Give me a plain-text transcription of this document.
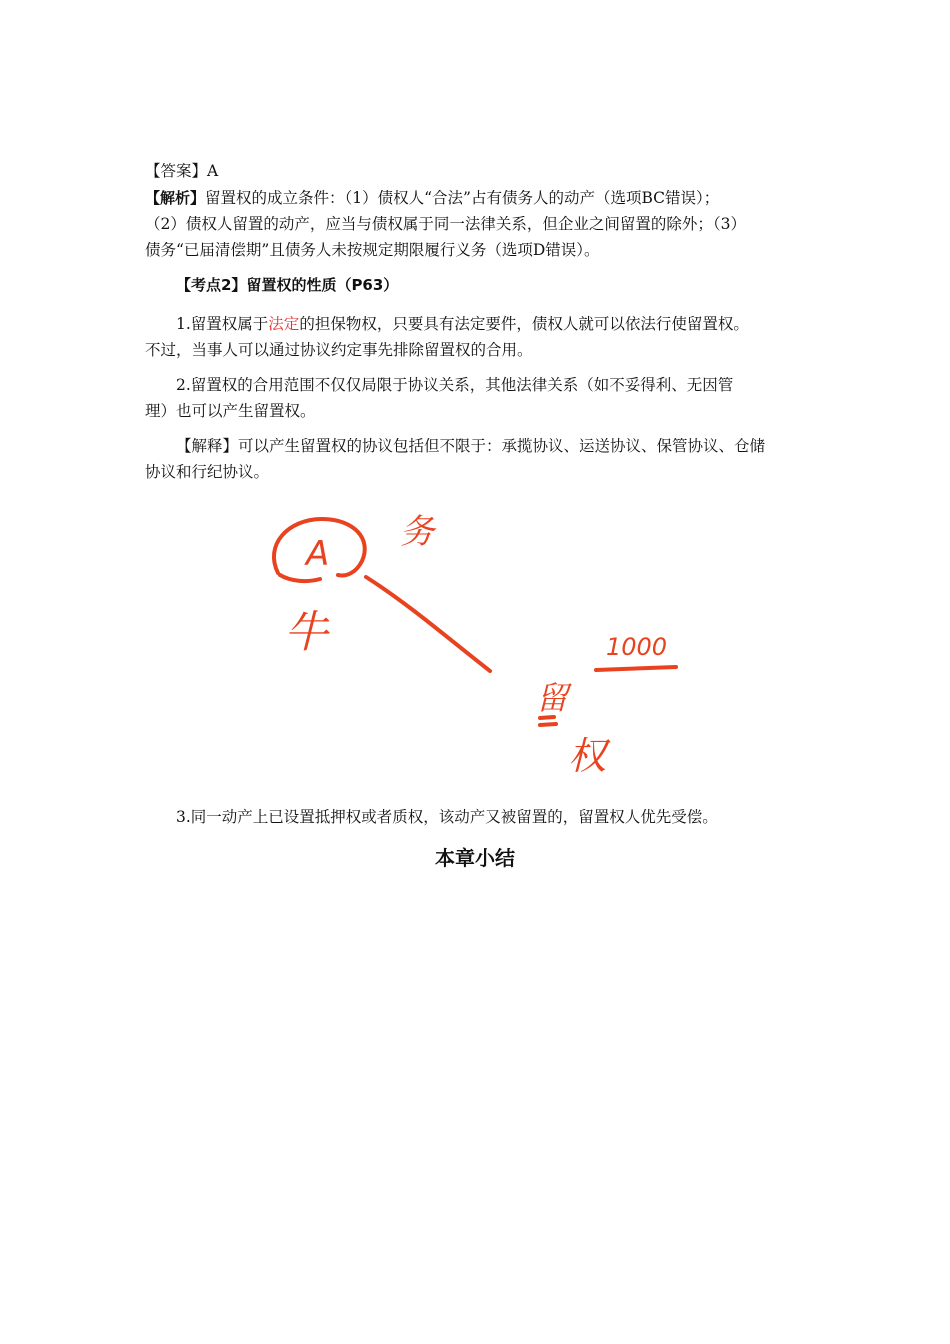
【答案】A
【解析】留置权的成立条件：（1）债权人“合法”占有债务人的动产（选项BC错误）；
（2）债权人留置的动产，应当与债权属于同一法律关系，但企业之间留置的除外；（3）
债务“已届清偿期”且债务人未按规定期限履行义务（选项D错误）。
【考点2】留置权的性质（P63）
1.留置权属于法定的担保物权，只要具有法定要件，债权人就可以依法行使留置权。
不过，当事人可以通过协议约定事先排除留置权的合用。
2.留置权的合用范围不仅仅局限于协议关系，其他法律关系（如不妥得利、无因管
理）也可以产生留置权。
【解释】可以产生留置权的协议包括但不限于：承揽协议、运送协议、保管协议、仓储
协议和行纪协议。
A
务
牛	1000
留
权
3.同一动产上已设置抵押权或者质权，该动产又被留置的，留置权人优先受偿。
本章小结
